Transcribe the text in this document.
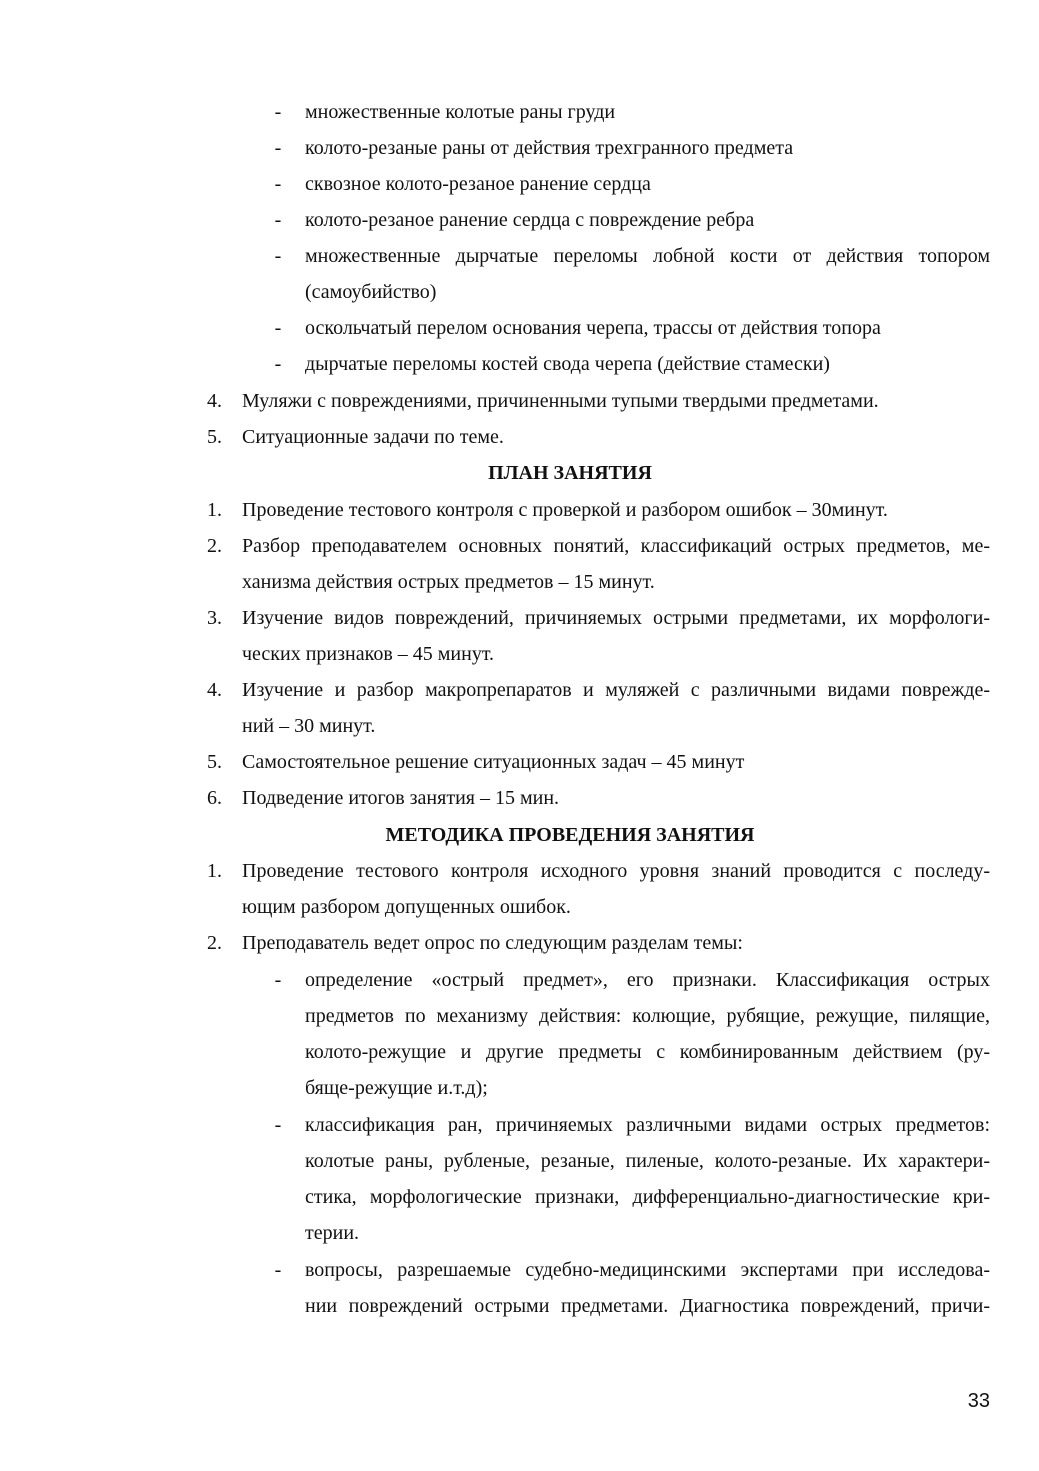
- множественные колотые раны груди
- колото-резаные раны от действия трехгранного предмета
- сквозное колото-резаное ранение сердца
- колото-резаное ранение сердца с повреждение ребра
- множественные дырчатые переломы лобной кости от действия топором
(самоубийство)
- оскольчатый перелом основания черепа, трассы от действия топора
- дырчатые переломы костей свода черепа (действие стамески)
4.	Муляжи с повреждениями, причиненными тупыми твердыми предметами.
5.	Ситуационные задачи по теме.
ПЛАН ЗАНЯТИЯ
1.	Проведение тестового контроля с проверкой и разбором ошибок – 30минут.
2.	Разбор преподавателем основных понятий, классификаций острых предметов, ме-
ханизма действия острых предметов – 15 минут.
3.	Изучение видов повреждений, причиняемых острыми предметами, их морфологи-
ческих признаков – 45 минут.
4.	Изучение и разбор макропрепаратов и муляжей с различными видами поврежде-
ний – 30 минут.
5.	Самостоятельное решение ситуационных задач – 45 минут
6.	Подведение итогов занятия – 15 мин.
МЕТОДИКА ПРОВЕДЕНИЯ ЗАНЯТИЯ
1.	Проведение тестового контроля исходного уровня знаний проводится с последу-
ющим разбором допущенных ошибок.
2.	Преподаватель ведет опрос по следующим разделам темы:
- определение «острый предмет», его признаки. Классификация острых
предметов по механизму действия: колющие, рубящие, режущие, пилящие,
колото-режущие и другие предметы с комбинированным действием (ру-
бяще-режущие и.т.д);
- классификация ран, причиняемых различными видами острых предметов:
колотые раны, рубленые, резаные, пиленые, колото-резаные. Их характери-
стика, морфологические признаки, дифференциально-диагностические кри-
терии.
- вопросы, разрешаемые судебно-медицинскими экспертами при исследова-
нии повреждений острыми предметами. Диагностика повреждений, причи-
33
